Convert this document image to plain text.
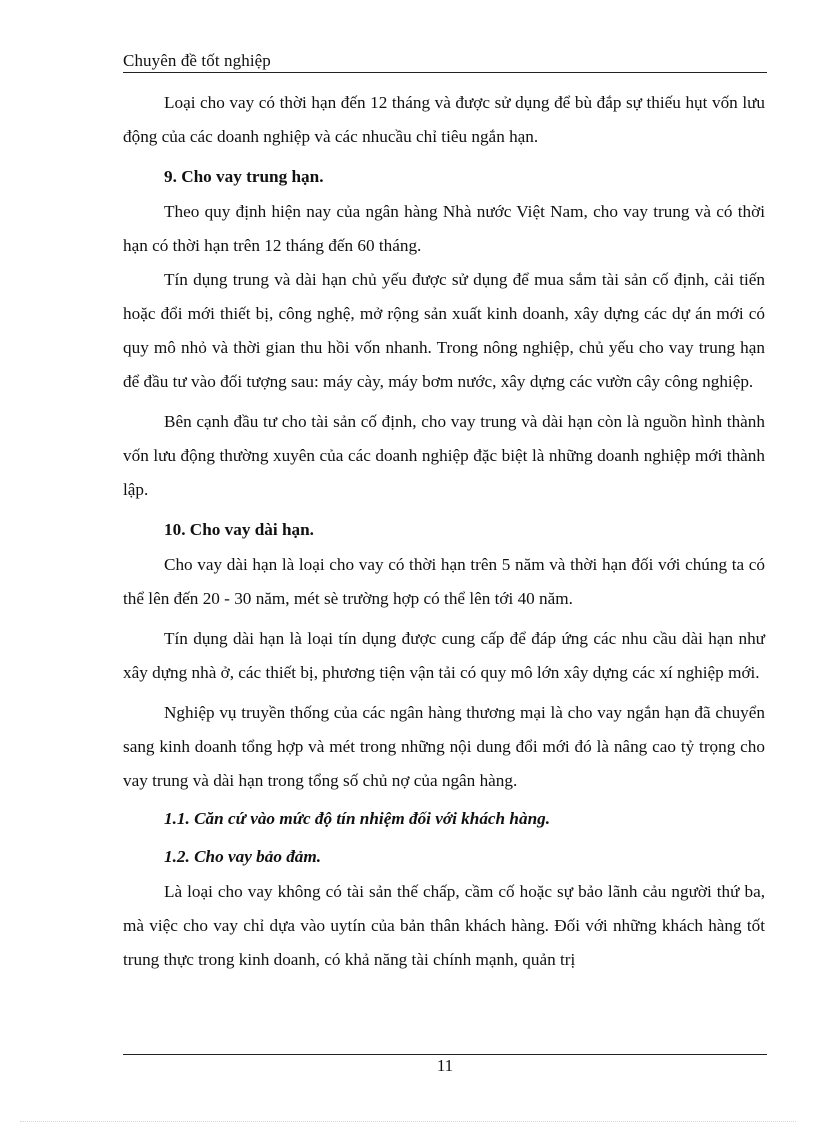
Chuyên đề tốt nghiệp

Loại cho vay có thời hạn đến 12 tháng và được sử dụng để bù đắp sự thiếu hụt vốn lưu động của các doanh nghiệp và các nhucầu chỉ tiêu ngắn hạn.

9. Cho vay trung hạn.

Theo quy định hiện nay của ngân hàng Nhà nước Việt Nam, cho vay trung và có thời hạn có thời hạn trên 12 tháng đến 60 tháng.

Tín dụng trung và dài hạn chủ yếu được sử dụng để mua sắm tài sản cố định, cải tiến hoặc đổi mới thiết bị, công nghệ, mở rộng sản xuất kinh doanh, xây dựng các dự án mới có quy mô nhỏ và thời gian thu hồi vốn nhanh. Trong nông nghiệp, chủ yếu cho vay trung hạn để đầu tư vào đối tượng sau: máy cày, máy bơm nước, xây dựng các vườn cây công nghiệp.

Bên cạnh đầu tư cho tài sản cố định, cho vay trung và dài hạn còn là nguồn hình thành vốn lưu động thường xuyên của các doanh nghiệp đặc biệt là những doanh nghiệp mới thành lập.

10. Cho vay dài hạn.

Cho vay dài hạn là loại cho vay có thời hạn trên 5 năm và thời hạn đối với chúng ta có thể lên đến 20 - 30 năm, mét sè trường hợp có thể lên tới 40 năm.

Tín dụng dài hạn là loại tín dụng được cung cấp để đáp ứng các nhu cầu dài hạn như xây dựng nhà ở, các thiết bị, phương tiện vận tải có quy mô lớn xây dựng các xí nghiệp mới.

Nghiệp vụ truyền thống của các ngân hàng thương mại là cho vay ngắn hạn đã chuyển sang kinh doanh tổng hợp và mét trong những nội dung đổi mới đó là nâng cao tỷ trọng cho vay trung và dài hạn trong tổng số chủ nợ của ngân hàng.

1.1. Căn cứ vào mức độ tín nhiệm đối với khách hàng.

1.2. Cho vay bảo đảm.

Là loại cho vay không có tài sản thế chấp, cầm cố hoặc sự bảo lãnh cảu người thứ ba, mà việc cho vay chỉ dựa vào uytín của bản thân khách hàng. Đối với những khách hàng tốt trung thực trong kinh doanh, có khả năng tài chính mạnh, quản trị

11
